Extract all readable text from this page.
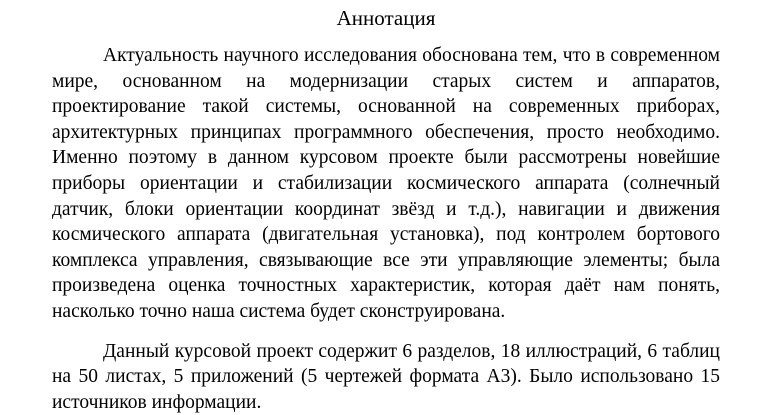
Аннотация

Актуальность научного исследования обоснована тем, что в современном мире, основанном на модернизации старых систем и аппаратов, проектирование такой системы, основанной на современных приборах, архитектурных принципах программного обеспечения, просто необходимо. Именно поэтому в данном курсовом проекте были рассмотрены новейшие приборы ориентации и стабилизации космического аппарата (солнечный датчик, блоки ориентации координат звёзд и т.д.), навигации и движения космического аппарата (двигательная установка), под контролем бортового комплекса управления, связывающие все эти управляющие элементы; была произведена оценка точностных характеристик, которая даёт нам понять, насколько точно наша система будет сконструирована.

Данный курсовой проект содержит 6 разделов, 18 иллюстраций, 6 таблиц на 50 листах, 5 приложений (5 чертежей формата А3). Было использовано 15 источников информации.
